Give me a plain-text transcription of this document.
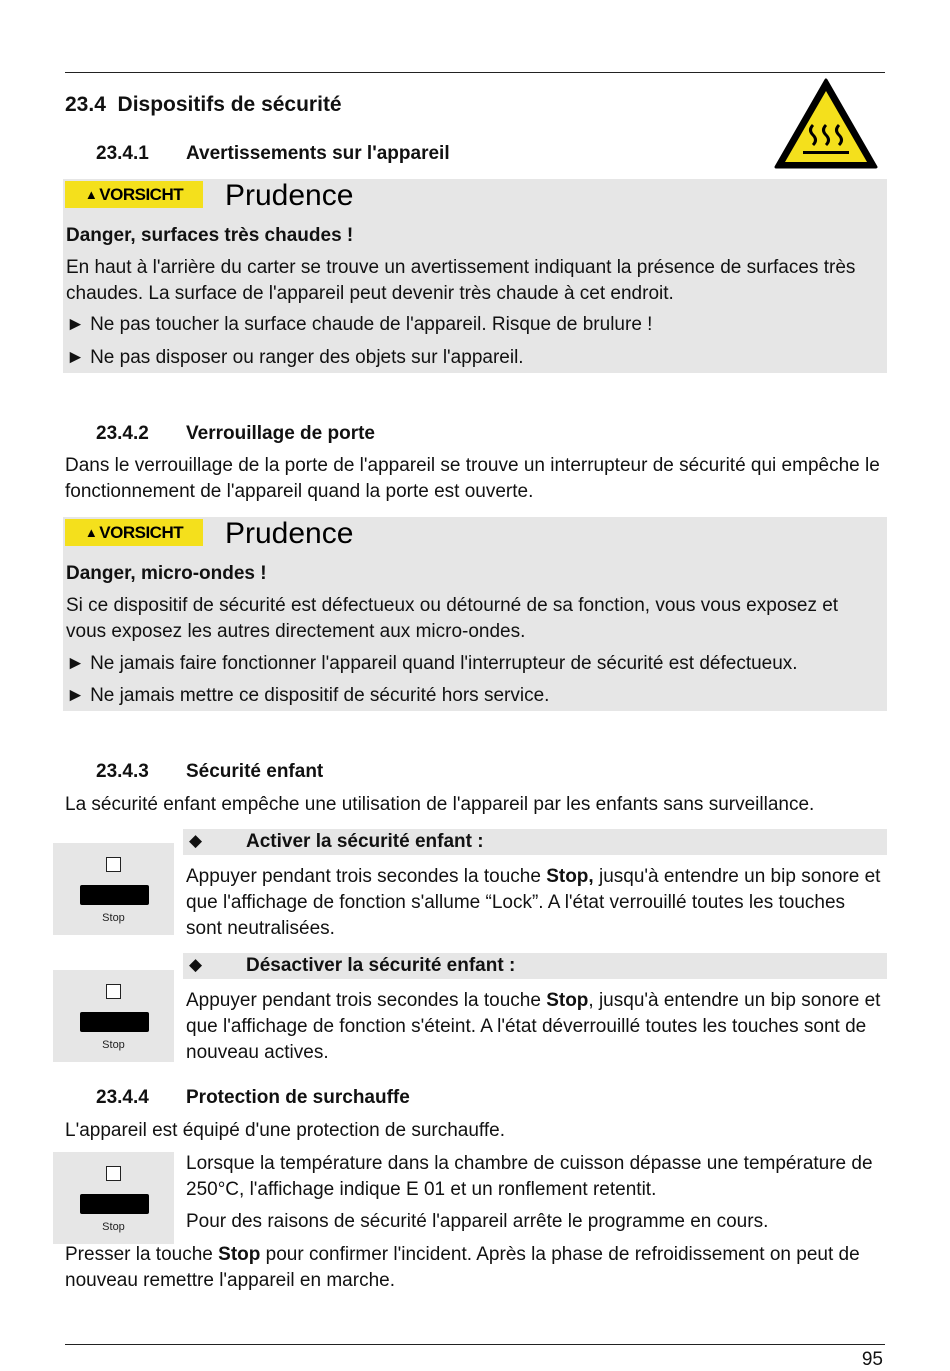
23.4 Dispositifs de sécurité
23.4.1 Avertissements sur l'appareil
▲ VORSICHT Prudence
Danger, surfaces très chaudes !
En haut à l'arrière du carter se trouve un avertissement indiquant la présence de surfaces très chaudes. La surface de l'appareil peut devenir très chaude à cet endroit.
► Ne pas toucher la surface chaude de l'appareil. Risque de brulure !
► Ne pas disposer ou ranger des objets sur l'appareil.
23.4.2 Verrouillage de porte
Dans le verrouillage de la porte de l'appareil se trouve un interrupteur de sécurité qui empêche le fonctionnement de l'appareil quand la porte est ouverte.
▲ VORSICHT Prudence
Danger, micro-ondes !
Si ce dispositif de sécurité est défectueux ou détourné de sa fonction, vous vous exposez et vous exposez les autres directement aux micro-ondes.
► Ne jamais faire fonctionner l'appareil quand l'interrupteur de sécurité est défectueux.
► Ne jamais mettre ce dispositif de sécurité hors service.
23.4.3 Sécurité enfant
La sécurité enfant empêche une utilisation de l'appareil par les enfants sans surveillance.
◆ Activer la sécurité enfant :
Stop
Appuyer pendant trois secondes la touche Stop, jusqu'à entendre un bip sonore et que l'affichage de fonction s'allume “Lock”. A l'état verrouillé toutes les touches sont neutralisées.
◆ Désactiver la sécurité enfant :
Stop
Appuyer pendant trois secondes la touche Stop, jusqu'à entendre un bip sonore et que l'affichage de fonction s'éteint. A l'état déverrouillé toutes les touches sont de nouveau actives.
23.4.4 Protection de surchauffe
L'appareil est équipé d'une protection de surchauffe.
Stop
Lorsque la température dans la chambre de cuisson dépasse une température de 250°C, l'affichage indique E 01 et un ronflement retentit.
Pour des raisons de sécurité l'appareil arrête le programme en cours.
Presser la touche Stop pour confirmer l'incident. Après la phase de refroidissement on peut de nouveau remettre l'appareil en marche.
95
